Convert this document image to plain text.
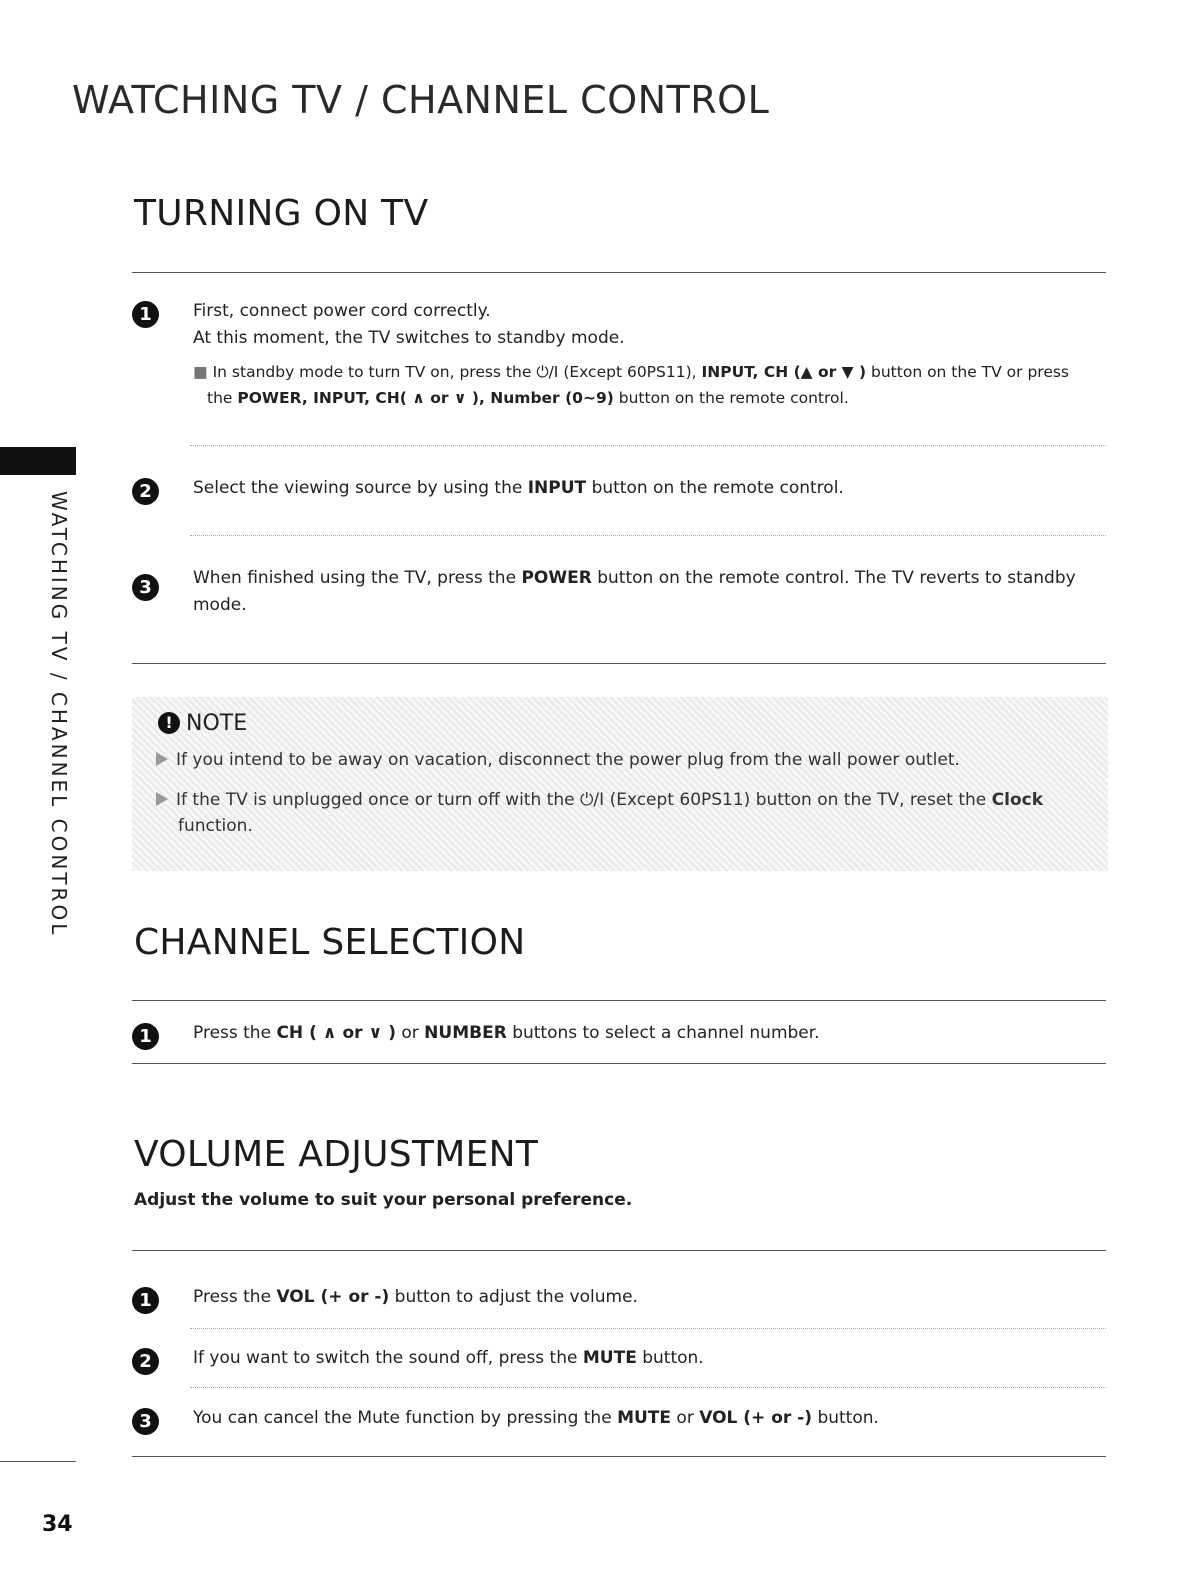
WATCHING TV / CHANNEL CONTROL
WATCHING TV / CHANNEL CONTROL
TURNING ON TV
1	First, connect power cord correctly.
At this moment, the TV switches to standby mode.
■ In standby mode to turn TV on, press the ⏻/I (Except 60PS11), INPUT, CH (▲ or ▼ ) button on the TV or press
the POWER, INPUT, CH( ∧ or ∨ ), Number (0~9) button on the remote control.
2	Select the viewing source by using the INPUT button on the remote control.
3	When finished using the TV, press the POWER button on the remote control. The TV reverts to standby
mode.
! NOTE
If you intend to be away on vacation, disconnect the power plug from the wall power outlet.
If the TV is unplugged once or turn off with the ⏻/I (Except 60PS11) button on the TV, reset the Clock
function.
CHANNEL SELECTION
1	Press the CH ( ∧ or ∨ ) or NUMBER buttons to select a channel number.
VOLUME ADJUSTMENT
Adjust the volume to suit your personal preference.
1	Press the VOL (+ or -) button to adjust the volume.
2	If you want to switch the sound off, press the MUTE button.
3	You can cancel the Mute function by pressing the MUTE or VOL (+ or -) button.
34
